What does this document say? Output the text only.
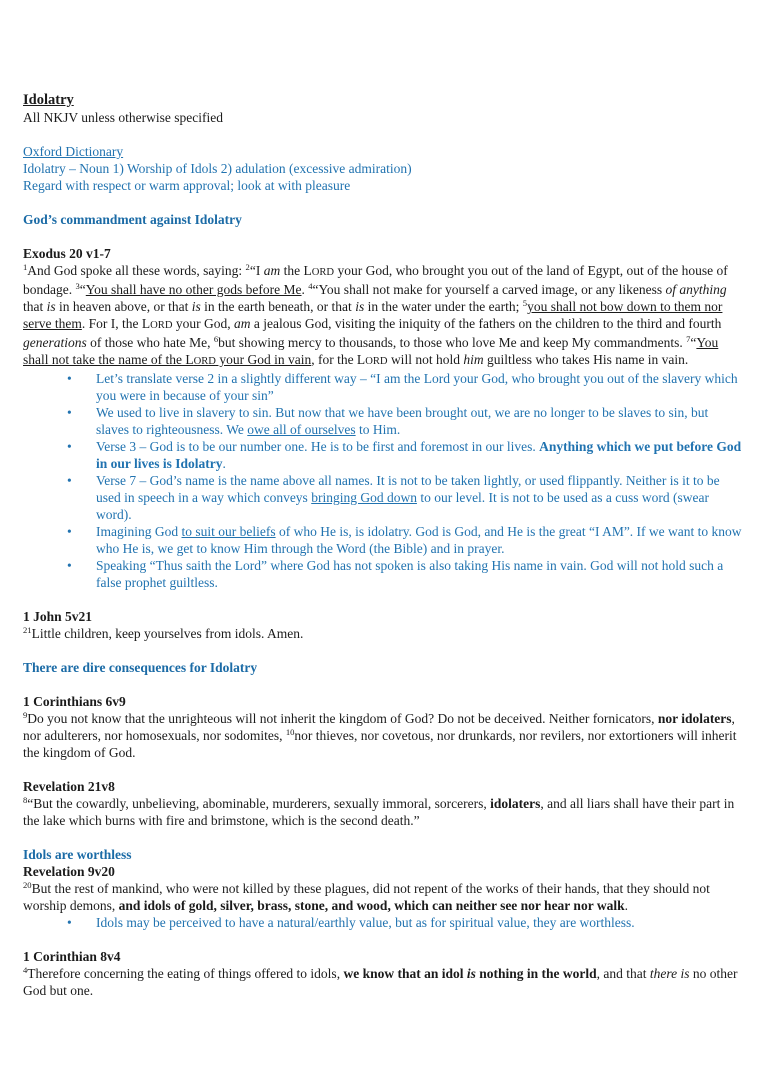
Idolatry
All NKJV unless otherwise specified
Oxford Dictionary
Idolatry – Noun 1) Worship of Idols 2) adulation (excessive admiration)
Regard with respect or warm approval; look at with pleasure
God’s commandment against Idolatry
Exodus 20 v1-7
$^1$And God spoke all these words, saying: $^2$“I am the LORD your God, who brought you out of the land of Egypt, out of the house of bondage. $^3$“You shall have no other gods before Me. $^4$“You shall not make for yourself a carved image, or any likeness of anything that is in heaven above, or that is in the earth beneath, or that is in the water under the earth; $^5$you shall not bow down to them nor serve them. For I, the LORD your God, am a jealous God, visiting the iniquity of the fathers on the children to the third and fourth generations of those who hate Me, $^6$but showing mercy to thousands, to those who love Me and keep My commandments. $^7$“You shall not take the name of the LORD your God in vain, for the LORD will not hold him guiltless who takes His name in vain.
• Let’s translate verse 2 in a slightly different way – “I am the Lord your God, who brought you out of the slavery which you were in because of your sin”
• We used to live in slavery to sin. But now that we have been brought out, we are no longer to be slaves to sin, but slaves to righteousness. We owe all of ourselves to Him.
• Verse 3 – God is to be our number one. He is to be first and foremost in our lives. Anything which we put before God in our lives is Idolatry.
• Verse 7 – God’s name is the name above all names. It is not to be taken lightly, or used flippantly. Neither is it to be used in speech in a way which conveys bringing God down to our level. It is not to be used as a cuss word (swear word).
• Imagining God to suit our beliefs of who He is, is idolatry. God is God, and He is the great “I AM”. If we want to know who He is, we get to know Him through the Word (the Bible) and in prayer.
• Speaking “Thus saith the Lord” where God has not spoken is also taking His name in vain. God will not hold such a false prophet guiltless.
1 John 5v21
$^{21}$Little children, keep yourselves from idols. Amen.
There are dire consequences for Idolatry
1 Corinthians 6v9
$^9$Do you not know that the unrighteous will not inherit the kingdom of God? Do not be deceived. Neither fornicators, nor idolaters, nor adulterers, nor homosexuals, nor sodomites, $^{10}$nor thieves, nor covetous, nor drunkards, nor revilers, nor extortioners will inherit the kingdom of God.
Revelation 21v8
$^8$“But the cowardly, unbelieving, abominable, murderers, sexually immoral, sorcerers, idolaters, and all liars shall have their part in the lake which burns with fire and brimstone, which is the second death.”
Idols are worthless
Revelation 9v20
$^{20}$But the rest of mankind, who were not killed by these plagues, did not repent of the works of their hands, that they should not worship demons, and idols of gold, silver, brass, stone, and wood, which can neither see nor hear nor walk.
• Idols may be perceived to have a natural/earthly value, but as for spiritual value, they are worthless.
1 Corinthian 8v4
$^4$Therefore concerning the eating of things offered to idols, we know that an idol is nothing in the world, and that there is no other God but one.
